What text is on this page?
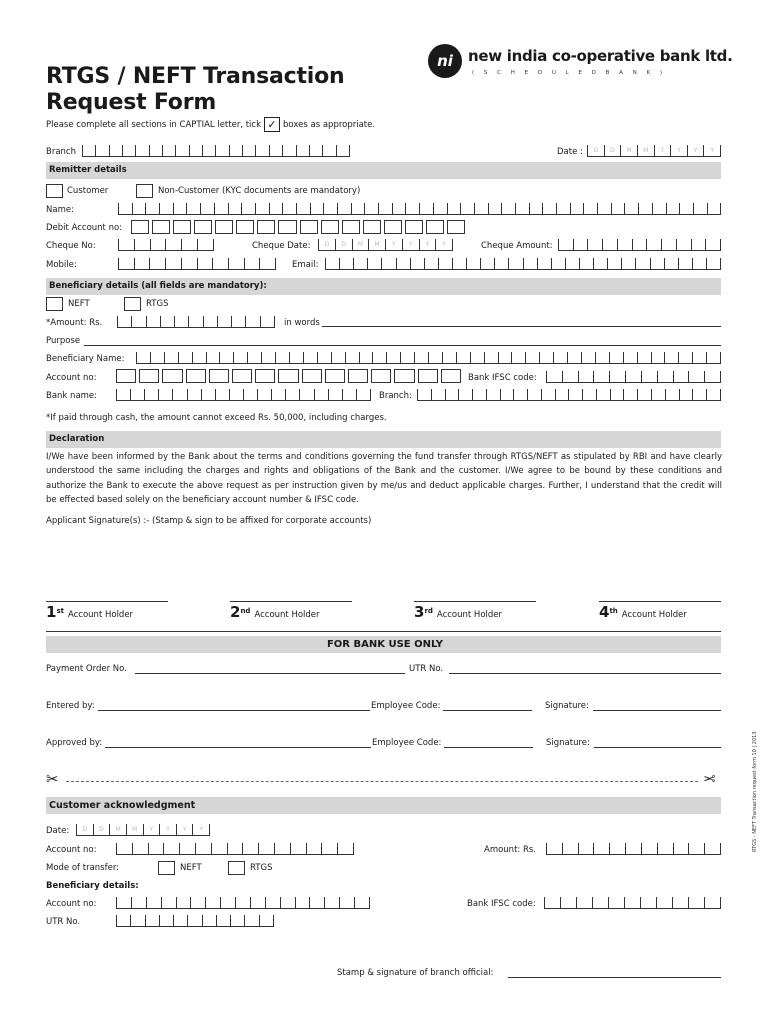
RTGS / NEFT Transaction
Request Form
Please complete all sections in CAPTIAL letter, tick ✓ boxes as appropriate.
ni	new india co-operative bank ltd.
( S C H E D U L E D B A N K )
Branch	Date :	D	D	M	M	Y	Y	Y	Y
Remitter details
Customer	Non-Customer (KYC documents are mandatory)
Name:
Debit Account no:
Cheque No:	Cheque Date:	D	D	M	M	Y	Y	Y	Y	Cheque Amount:
Mobile:	Email:
Beneficiary details (all fields are mandatory):
NEFT	RTGS
*Amount: Rs.	in words
Purpose
Beneficiary Name:
Account no:	Bank IFSC code:
Bank name:	Branch:
*If paid through cash, the amount cannot exceed Rs. 50,000, including charges.
Declaration
I/We have been informed by the Bank about the terms and conditions governing the fund transfer through RTGS/NEFT as stipulated by RBI and have clearly understood the same including the charges and rights and obligations of the Bank and the customer. I/We agree to be bound by these conditions and authorize the Bank to execute the above request as per instruction given by me/us and deduct applicable charges. Further, I understand that the credit will be effected based solely on the beneficiary account number & IFSC code.
Applicant Signature(s) :- (Stamp & sign to be affixed for corporate accounts)
1st Account Holder	2nd Account Holder	3rd Account Holder	4th Account Holder
FOR BANK USE ONLY
Payment Order No.	UTR No.
Entered by:	Employee Code:	Signature:
Approved by:	Employee Code:	Signature:
✂	✂
Customer acknowledgment
Date:	D	D	M	M	Y	Y	Y	Y
Account no:	Amount: Rs.
Mode of transfer:	NEFT	RTGS
Beneficiary details:
Account no:	Bank IFSC code:
UTR No.
Stamp & signature of branch official:
RTGS - NEFT Transaction request form 10 | 2013
